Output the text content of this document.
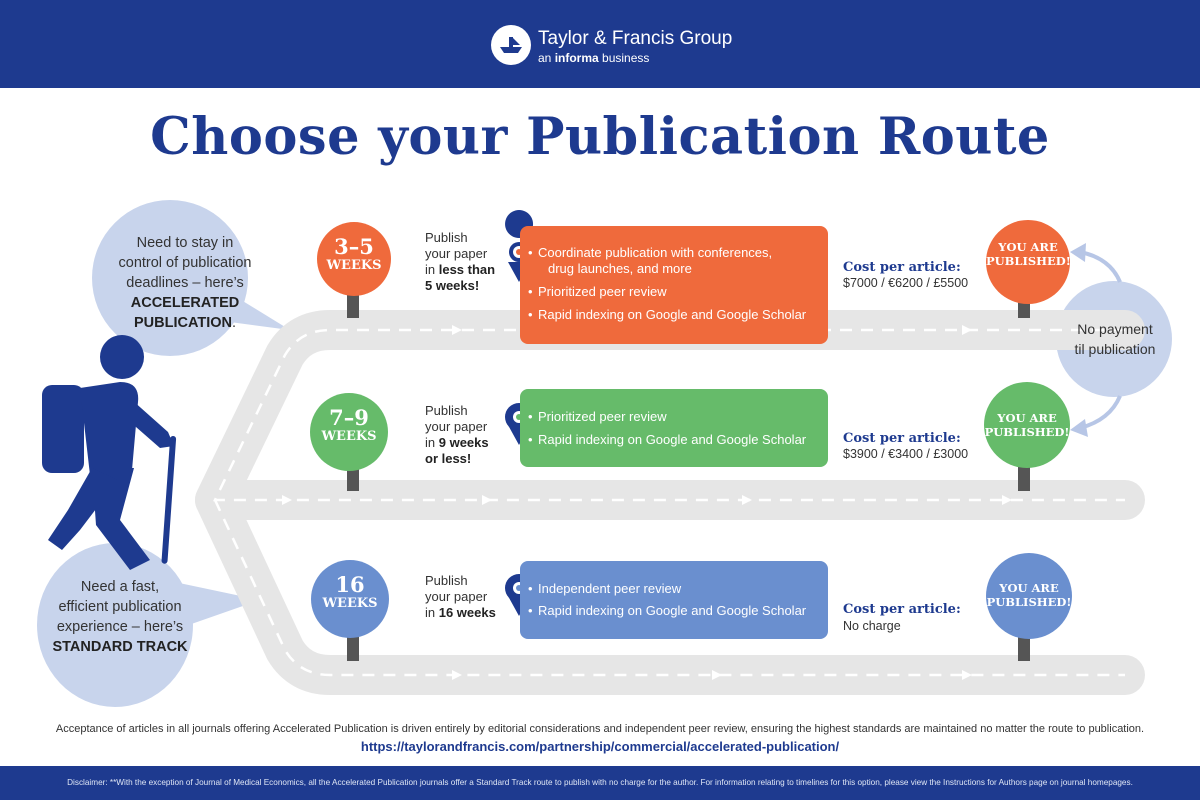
Taylor & Francis Group
an informa business
Choose your Publication Route
Need to stay in
control of publication
deadlines – here’s
ACCELERATED
PUBLICATION.
Need a fast,
efficient publication
experience – here’s
STANDARD TRACK
3–5
WEEKS
Publish
your paper
in less than
5 weeks!
• Coordinate publication with conferences,
drug launches, and more
• Prioritized peer review
• Rapid indexing on Google and Google Scholar
Cost per article:
$7000 / €6200 / £5500
YOU ARE
PUBLISHED!
7–9
WEEKS
Publish
your paper
in 9 weeks
or less!
• Prioritized peer review
• Rapid indexing on Google and Google Scholar	Cost per article:
$3900 / €3400 / £3000
YOU ARE
PUBLISHED!
16
WEEKS
Publish
your paper
in 16 weeks
• Independent peer review
• Rapid indexing on Google and Google Scholar	Cost per article:
No charge
YOU ARE
PUBLISHED!
No payment
til publication
Acceptance of articles in all journals offering Accelerated Publication is driven entirely by editorial considerations and independent peer review, ensuring the highest standards are maintained no matter the route to publication.
https://taylorandfrancis.com/partnership/commercial/accelerated-publication/
Disclaimer: **With the exception of Journal of Medical Economics, all the Accelerated Publication journals offer a Standard Track route to publish with no charge for the author. For information relating to timelines for this option, please view the Instructions for Authors page on journal homepages.
